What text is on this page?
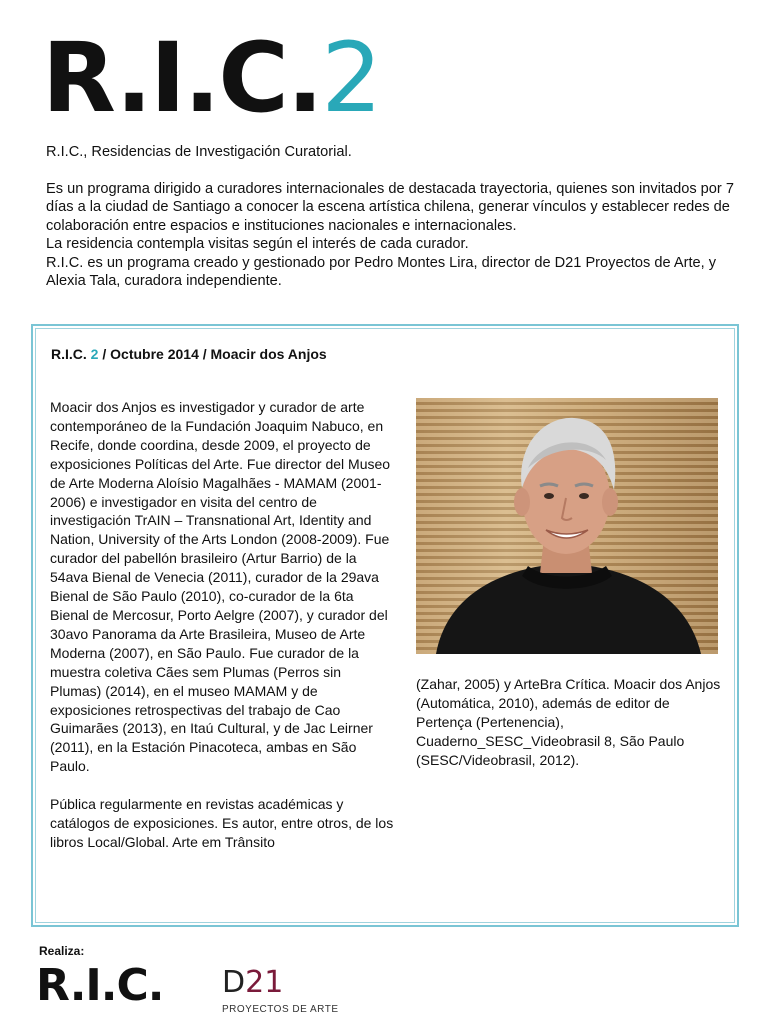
R.I.C.2

R.I.C., Residencias de Investigación Curatorial.

Es un programa dirigido a curadores internacionales de destacada trayectoria, quienes son invitados por 7 días a la ciudad de Santiago a conocer la escena artística chilena, generar vínculos y establecer redes de colaboración entre espacios e instituciones nacionales e internacionales.

La residencia contempla visitas según el interés de cada curador.

R.I.C. es un programa creado y gestionado por Pedro Montes Lira, director de D21 Proyectos de Arte, y Alexia Tala, curadora independiente.

R.I.C. 2 / Octubre 2014 / Moacir dos Anjos

Moacir dos Anjos es investigador y curador de arte contemporáneo de la Fundación Joaquim Nabuco, en Recife, donde coordina, desde 2009, el proyecto de exposiciones Políticas del Arte. Fue director del Museo de Arte Moderna Aloísio Magalhães - MAMAM (2001-2006) e investigador en visita del centro de investigación TrAIN – Transnational Art, Identity and Nation, University of the Arts London (2008-2009). Fue curador del pabellón brasileiro (Artur Barrio) de la 54ava Bienal de Venecia (2011), curador de la 29ava Bienal de São Paulo (2010), co-curador de la 6ta Bienal de Mercosur, Porto Aelgre (2007), y curador del 30avo Panorama da Arte Brasileira, Museo de Arte Moderna (2007), en São Paulo. Fue curador de la muestra coletiva Cães sem Plumas (Perros sin Plumas) (2014), en el museo MAMAM y de exposiciones retrospectivas del trabajo de Cao Guimarães (2013), en Itaú Cultural, y de Jac Leirner (2011), en la Estación Pinacoteca, ambas en São Paulo.

Pública regularmente en revistas académicas y catálogos de exposiciones. Es autor, entre otros, de los libros Local/Global. Arte em Trânsito

(Zahar, 2005) y ArteBra Crítica. Moacir dos Anjos (Automática, 2010), además de editor de Pertença (Pertenencia), Cuaderno_SESC_Videobrasil 8, São Paulo (SESC/Videobrasil, 2012).
Realiza:
R.I.C. D21
PROYECTOS DE ARTE
